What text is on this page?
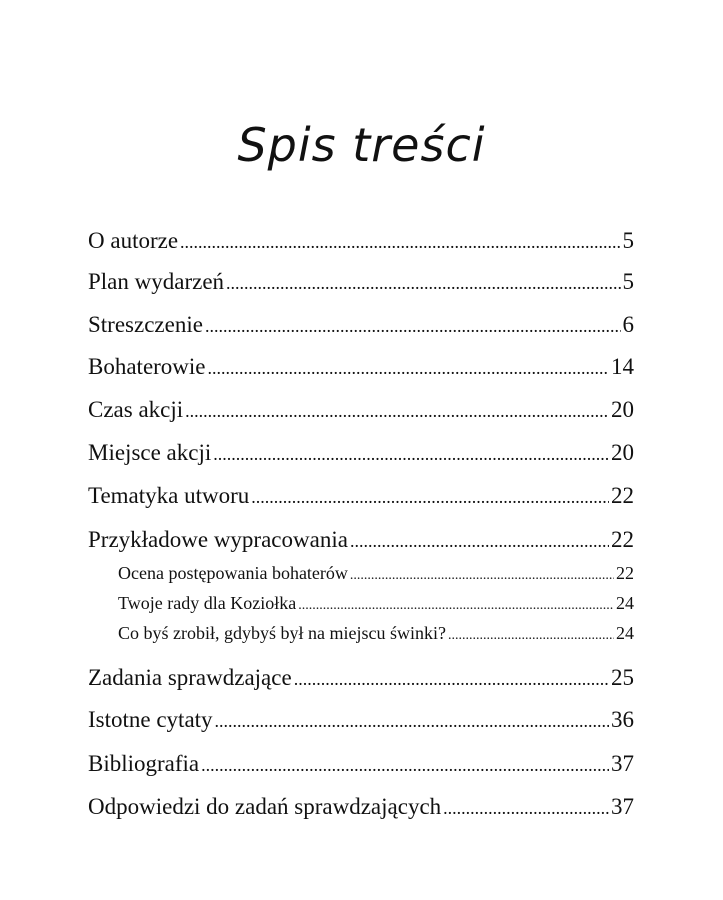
Spis treści
O autorze .....	5
Plan wydarzeń .....	5
Streszczenie .....	6
Bohaterowie .....	14
Czas akcji .....	20
Miejsce akcji .....	20
Tematyka utworu .....	22
Przykładowe wypracowania .....	22
Ocena postępowania bohaterów .....	22
Twoje rady dla Koziołka .....	24
Co byś zrobił, gdybyś był na miejscu świnki? .....	24
Zadania sprawdzające .....	25
Istotne cytaty .....	36
Bibliografia .....	37
Odpowiedzi do zadań sprawdzających .....	37
